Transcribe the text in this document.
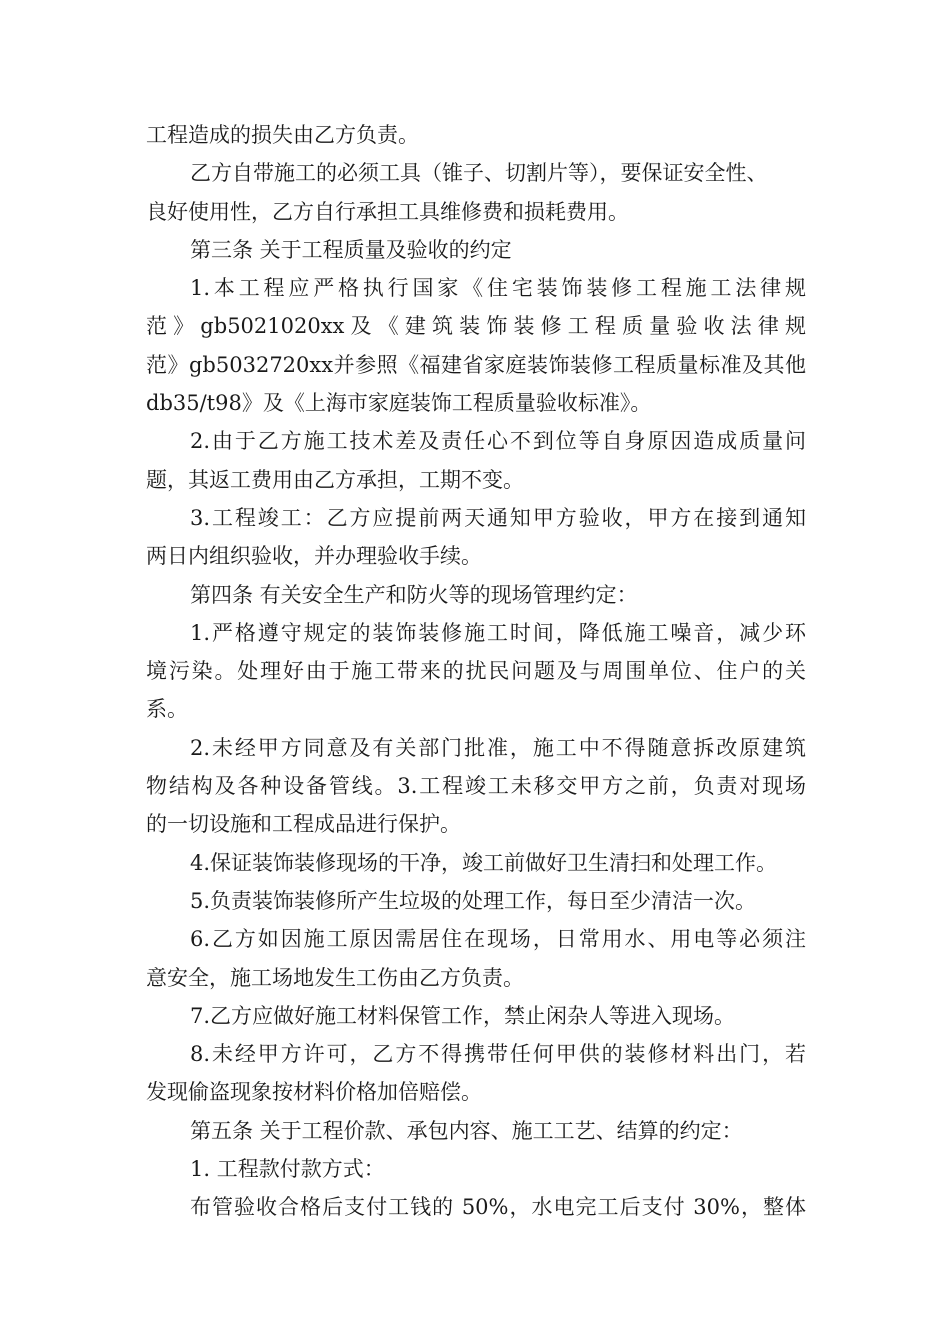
工程造成的损失由乙方负责。
乙方自带施工的必须工具（锥子、切割片等），要保证安全性、
良好使用性，乙方自行承担工具维修费和损耗费用。
第三条 关于工程质量及验收的约定
1.本工程应严格执行国家《住宅装饰装修工程施工法律规
范》gb5021020xx及《建筑装饰装修工程质量验收法律规
范》gb5032720xx并参照《福建省家庭装饰装修工程质量标准及其他
db35/t98》及《上海市家庭装饰工程质量验收标准》。
2.由于乙方施工技术差及责任心不到位等自身原因造成质量问
题，其返工费用由乙方承担，工期不变。
3.工程竣工：乙方应提前两天通知甲方验收，甲方在接到通知
两日内组织验收，并办理验收手续。
第四条 有关安全生产和防火等的现场管理约定：
1.严格遵守规定的装饰装修施工时间，降低施工噪音，减少环
境污染。处理好由于施工带来的扰民问题及与周围单位、住户的关
系。
2.未经甲方同意及有关部门批准，施工中不得随意拆改原建筑
物结构及各种设备管线。3.工程竣工未移交甲方之前，负责对现场
的一切设施和工程成品进行保护。
4.保证装饰装修现场的干净，竣工前做好卫生清扫和处理工作。
5.负责装饰装修所产生垃圾的处理工作，每日至少清洁一次。
6.乙方如因施工原因需居住在现场，日常用水、用电等必须注
意安全，施工场地发生工伤由乙方负责。
7.乙方应做好施工材料保管工作，禁止闲杂人等进入现场。
8.未经甲方许可，乙方不得携带任何甲供的装修材料出门，若
发现偷盗现象按材料价格加倍赔偿。
第五条 关于工程价款、承包内容、施工工艺、结算的约定：
1. 工程款付款方式：
布管验收合格后支付工钱的 50%，水电完工后支付 30%，整体
